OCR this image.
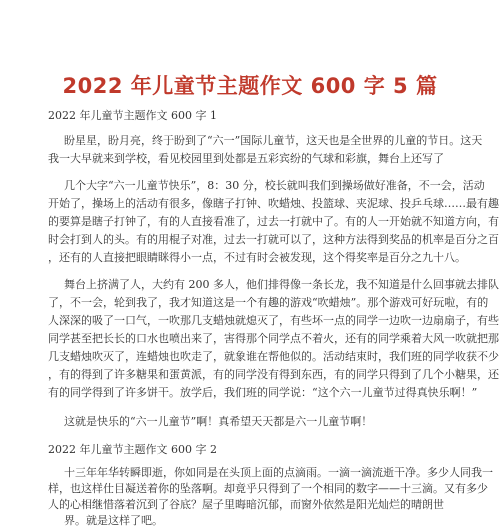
2022 年儿童节主题作文 600 字 5 篇
2022 年儿童节主题作文 600 字 1
盼星星，盼月亮，终于盼到了“六一”国际儿童节，这天也是全世界的儿童的节日。这天
我一大早就来到学校，看见校园里到处都是五彩宾纷的气球和彩旗，舞台上还写了
几个大字“六一儿童节快乐”，8：30 分，校长就叫我们到操场做好准备，不一会，活动
开始了，操场上的活动有很多，像瞎子打钟、吹蜡烛、投篮球、夹泥球、投乒乓球……最有趣
的要算是瞎子打钟了，有的人直接看准了，过去一打就中了。有的人一开始就不知道方向，有
时会打到人的头。有的用棍子对准，过去一打就可以了，这种方法得到奖品的机率是百分之百
，还有的人直接把眼睛眯得小一点，不过有时会被发现，这个得奖率是百分之九十八。
舞台上挤满了人，大约有 200 多人，他们排得像一条长龙，我不知道是什么回事就去排队
了，不一会，轮到我了，我才知道这是一个有趣的游戏“吹蜡烛”。那个游戏可好玩啦，有的
人深深的吸了一口气，一吹那几支蜡烛就熄灭了，有些坏一点的同学一边吹一边扇扇子，有些
同学甚至把长长的口水也喷出来了，害得那个同学点不着火，还有的同学乘着大风一吹就把那
几支蜡烛吹灭了，连蜡烛也吹走了，就象谁在帮他似的。活动结束时，我们班的同学收获不少
，有的得到了许多糖果和蛋黄派，有的同学没有得到东西，有的同学只得到了几个小糖果，还
有的同学得到了许多饼干。放学后，我们班的同学说：“这个六一儿童节过得真快乐啊！”
这就是快乐的“六一儿童节”啊！真希望天天都是六一儿童节啊！
2022 年儿童节主题作文 600 字 2
十三年年华转瞬即逝，你如同是在头顶上面的点滴雨。一滴一滴流逝干净。多少人同我一
样，也这样仕目凝送着你的坠落啊。却竟乎只得到了一个相同的数字——十三滴。又有多少
人的心相继惜落着沉到了谷底？屋子里晦暗沉郁，而窗外依然是阳光灿烂的晴朗世
界。就是这样了吧。
